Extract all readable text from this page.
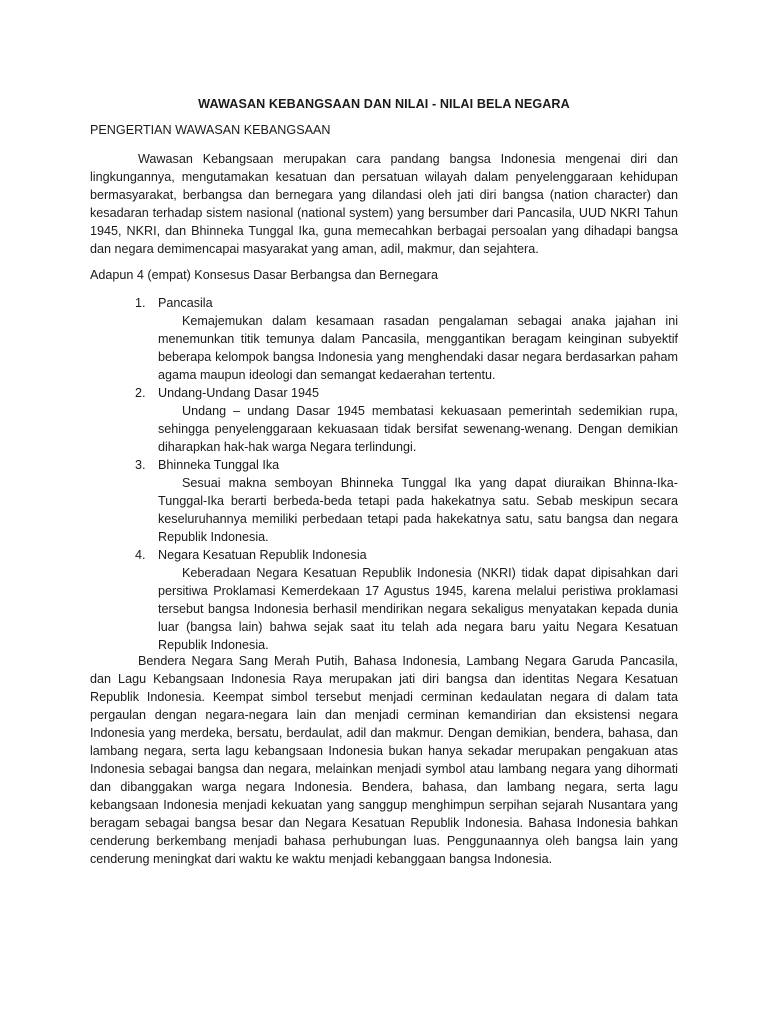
WAWASAN KEBANGSAAN DAN NILAI - NILAI BELA NEGARA
PENGERTIAN WAWASAN KEBANGSAAN
Wawasan Kebangsaan merupakan cara pandang bangsa Indonesia mengenai diri dan lingkungannya, mengutamakan kesatuan dan persatuan wilayah dalam penyelenggaraan kehidupan bermasyarakat, berbangsa dan bernegara yang dilandasi oleh jati diri bangsa (nation character) dan kesadaran terhadap sistem nasional (national system) yang bersumber dari Pancasila, UUD NKRI Tahun 1945, NKRI, dan Bhinneka Tunggal Ika, guna memecahkan berbagai persoalan yang dihadapi bangsa dan negara demimencapai masyarakat yang aman, adil, makmur, dan sejahtera.
Adapun 4 (empat) Konsesus Dasar Berbangsa dan Bernegara
1. Pancasila
Kemajemukan dalam kesamaan rasadan pengalaman sebagai anaka jajahan ini menemunkan titik temunya dalam Pancasila, menggantikan beragam keinginan subyektif beberapa kelompok bangsa Indonesia yang menghendaki dasar negara berdasarkan paham agama maupun ideologi dan semangat kedaerahan tertentu.
2. Undang-Undang Dasar 1945
Undang – undang Dasar 1945 membatasi kekuasaan pemerintah sedemikian rupa, sehingga penyelenggaraan kekuasaan tidak bersifat sewenang-wenang. Dengan demikian diharapkan hak-hak warga Negara terlindungi.
3. Bhinneka Tunggal Ika
Sesuai makna semboyan Bhinneka Tunggal Ika yang dapat diuraikan Bhinna-Ika-Tunggal-Ika berarti berbeda-beda tetapi pada hakekatnya satu. Sebab meskipun secara keseluruhannya memiliki perbedaan tetapi pada hakekatnya satu, satu bangsa dan negara Republik Indonesia.
4. Negara Kesatuan Republik Indonesia
Keberadaan Negara Kesatuan Republik Indonesia (NKRI) tidak dapat dipisahkan dari persitiwa Proklamasi Kemerdekaan 17 Agustus 1945, karena melalui peristiwa proklamasi tersebut bangsa Indonesia berhasil mendirikan negara sekaligus menyatakan kepada dunia luar (bangsa lain) bahwa sejak saat itu telah ada negara baru yaitu Negara Kesatuan Republik Indonesia.
Bendera Negara Sang Merah Putih, Bahasa Indonesia, Lambang Negara Garuda Pancasila, dan Lagu Kebangsaan Indonesia Raya merupakan jati diri bangsa dan identitas Negara Kesatuan Republik Indonesia. Keempat simbol tersebut menjadi cerminan kedaulatan negara di dalam tata pergaulan dengan negara-negara lain dan menjadi cerminan kemandirian dan eksistensi negara Indonesia yang merdeka, bersatu, berdaulat, adil dan makmur. Dengan demikian, bendera, bahasa, dan lambang negara, serta lagu kebangsaan Indonesia bukan hanya sekadar merupakan pengakuan atas Indonesia sebagai bangsa dan negara, melainkan menjadi symbol atau lambang negara yang dihormati dan dibanggakan warga negara Indonesia. Bendera, bahasa, dan lambang negara, serta lagu kebangsaan Indonesia menjadi kekuatan yang sanggup menghimpun serpihan sejarah Nusantara yang beragam sebagai bangsa besar dan Negara Kesatuan Republik Indonesia. Bahasa Indonesia bahkan cenderung berkembang menjadi bahasa perhubungan luas. Penggunaannya oleh bangsa lain yang cenderung meningkat dari waktu ke waktu menjadi kebanggaan bangsa Indonesia.
